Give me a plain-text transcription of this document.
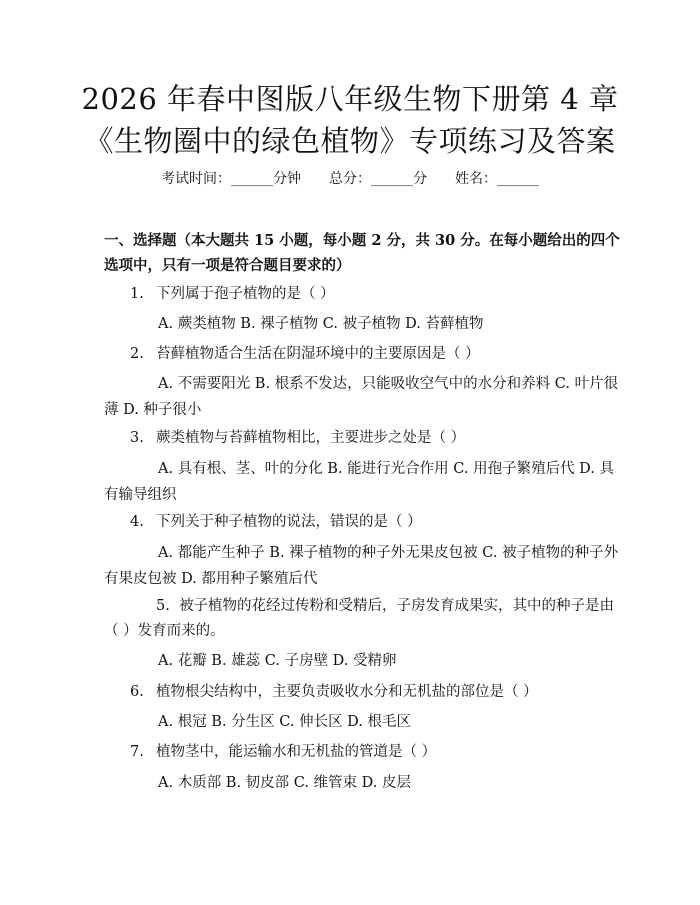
2026 年春中图版八年级生物下册第 4 章《生物圈中的绿色植物》专项练习及答案
考试时间：______分钟　　总分：______分　　姓名：______
一、选择题（本大题共 15 小题，每小题 2 分，共 30 分。在每小题给出的四个选项中，只有一项是符合题目要求的）
1. 下列属于孢子植物的是（ ）
A. 蕨类植物 B. 裸子植物 C. 被子植物 D. 苔藓植物
2. 苔藓植物适合生活在阴湿环境中的主要原因是（ ）
A. 不需要阳光 B. 根系不发达，只能吸收空气中的水分和养料 C. 叶片很薄 D. 种子很小
3. 蕨类植物与苔藓植物相比，主要进步之处是（ ）
A. 具有根、茎、叶的分化 B. 能进行光合作用 C. 用孢子繁殖后代 D. 具有输导组织
4. 下列关于种子植物的说法，错误的是（ ）
A. 都能产生种子 B. 裸子植物的种子外无果皮包被 C. 被子植物的种子外有果皮包被 D. 都用种子繁殖后代
5. 被子植物的花经过传粉和受精后，子房发育成果实，其中的种子是由（ ）发育而来的。
A. 花瓣 B. 雄蕊 C. 子房壁 D. 受精卵
6. 植物根尖结构中，主要负责吸收水分和无机盐的部位是（ ）
A. 根冠 B. 分生区 C. 伸长区 D. 根毛区
7. 植物茎中，能运输水和无机盐的管道是（ ）
A. 木质部 B. 韧皮部 C. 维管束 D. 皮层
